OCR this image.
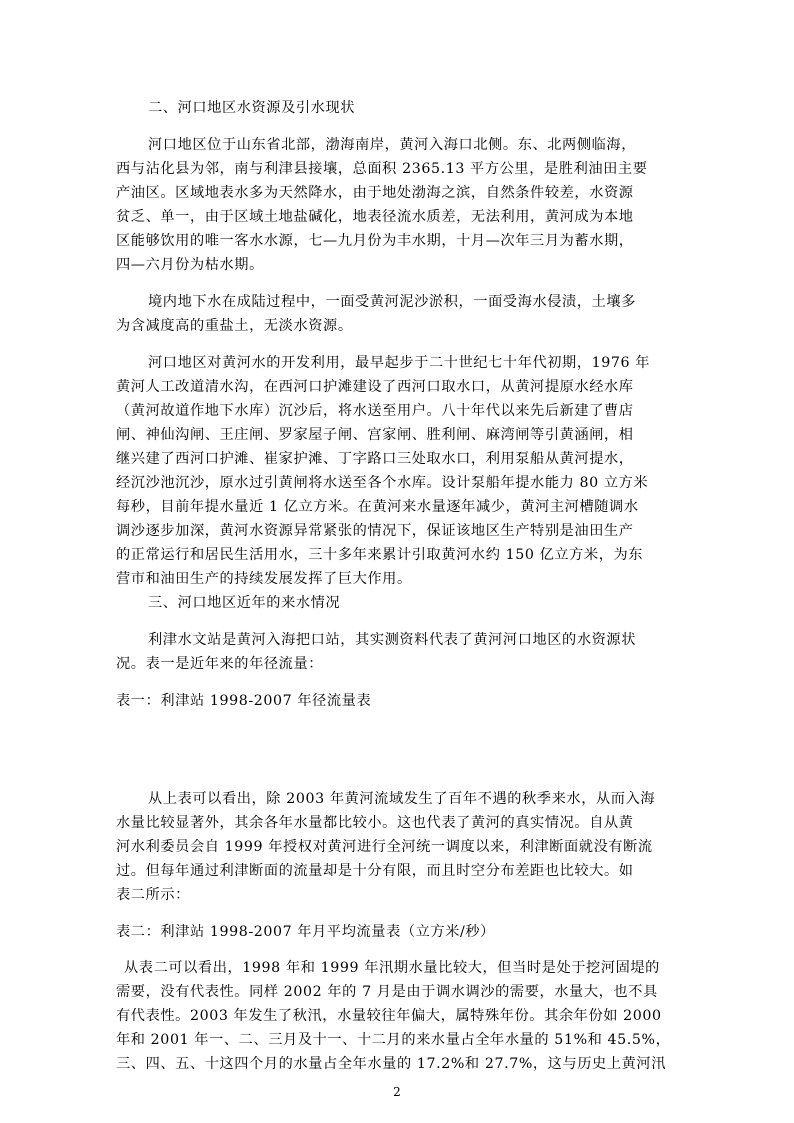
二、河口地区水资源及引水现状
河口地区位于山东省北部，渤海南岸，黄河入海口北侧。东、北两侧临海，
西与沾化县为邻，南与利津县接壤，总面积 2365.13 平方公里，是胜利油田主要
产油区。区域地表水多为天然降水，由于地处渤海之滨，自然条件较差，水资源
贫乏、单一，由于区域土地盐碱化，地表径流水质差，无法利用，黄河成为本地
区能够饮用的唯一客水水源，七—九月份为丰水期，十月—次年三月为蓄水期，
四—六月份为枯水期。
境内地下水在成陆过程中，一面受黄河泥沙淤积，一面受海水侵渍，土壤多
为含减度高的重盐土，无淡水资源。
河口地区对黄河水的开发利用，最早起步于二十世纪七十年代初期，1976 年
黄河人工改道清水沟，在西河口护滩建设了西河口取水口，从黄河提原水经水库
（黄河故道作地下水库）沉沙后，将水送至用户。八十年代以来先后新建了曹店
闸、神仙沟闸、王庄闸、罗家屋子闸、宫家闸、胜利闸、麻湾闸等引黄涵闸，相
继兴建了西河口护滩、崔家护滩、丁字路口三处取水口，利用泵船从黄河提水，
经沉沙池沉沙，原水过引黄闸将水送至各个水库。设计泵船年提水能力 80 立方米
每秒，目前年提水量近 1 亿立方米。在黄河来水量逐年减少，黄河主河槽随调水
调沙逐步加深，黄河水资源异常紧张的情况下，保证该地区生产特别是油田生产
的正常运行和居民生活用水，三十多年来累计引取黄河水约 150 亿立方米，为东
营市和油田生产的持续发展发挥了巨大作用。
三、河口地区近年的来水情况
利津水文站是黄河入海把口站，其实测资料代表了黄河河口地区的水资源状
况。表一是近年来的年径流量：
表一：利津站 1998-2007 年径流量表
从上表可以看出，除 2003 年黄河流域发生了百年不遇的秋季来水，从而入海
水量比较显著外，其余各年水量都比较小。这也代表了黄河的真实情况。自从黄
河水利委员会自 1999 年授权对黄河进行全河统一调度以来，利津断面就没有断流
过。但每年通过利津断面的流量却是十分有限，而且时空分布差距也比较大。如
表二所示：
表二：利津站 1998-2007 年月平均流量表（立方米/秒）
从表二可以看出，1998 年和 1999 年汛期水量比较大，但当时是处于挖河固堤的
需要，没有代表性。同样 2002 年的 7 月是由于调水调沙的需要，水量大，也不具
有代表性。2003 年发生了秋汛，水量较往年偏大，属特殊年份。其余年份如 2000
年和 2001 年一、二、三月及十一、十二月的来水量占全年水量的 51%和 45.5%，
三、四、五、十这四个月的水量占全年水量的 17.2%和 27.7%，这与历史上黄河汛
2
